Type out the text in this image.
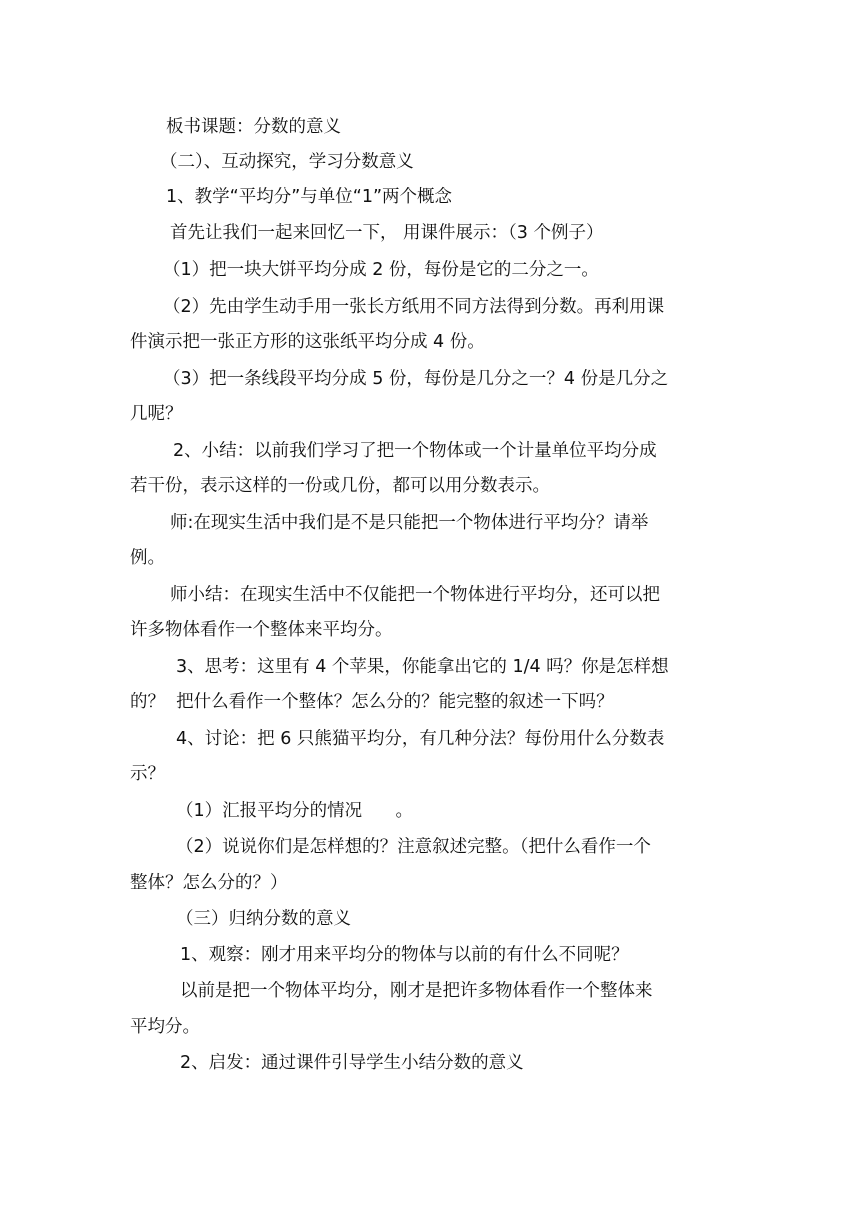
板书课题：分数的意义
（二）、互动探究，学习分数意义
1、教学“平均分”与单位“1”两个概念
首先让我们一起来回忆一下， 用课件展示：（3 个例子）
（1）把一块大饼平均分成 2 份，每份是它的二分之一。
（2）先由学生动手用一张长方纸用不同方法得到分数。再利用课
件演示把一张正方形的这张纸平均分成 4 份。
（3）把一条线段平均分成 5 份，每份是几分之一？4 份是几分之
几呢？
2、小结：以前我们学习了把一个物体或一个计量单位平均分成
若干份，表示这样的一份或几份，都可以用分数表示。
师:在现实生活中我们是不是只能把一个物体进行平均分？请举
例。
师小结：在现实生活中不仅能把一个物体进行平均分，还可以把
许多物体看作一个整体来平均分。
3、思考：这里有 4 个苹果，你能拿出它的 1/4 吗？你是怎样想
的？  把什么看作一个整体？怎么分的？能完整的叙述一下吗？
4、讨论：把 6 只熊猫平均分，有几种分法？每份用什么分数表
示？
（1）汇报平均分的情况      。
（2）说说你们是怎样想的？注意叙述完整。（把什么看作一个
整体？怎么分的？）
（三）归纳分数的意义
1、观察：刚才用来平均分的物体与以前的有什么不同呢？
以前是把一个物体平均分，刚才是把许多物体看作一个整体来
平均分。
2、启发：通过课件引导学生小结分数的意义
